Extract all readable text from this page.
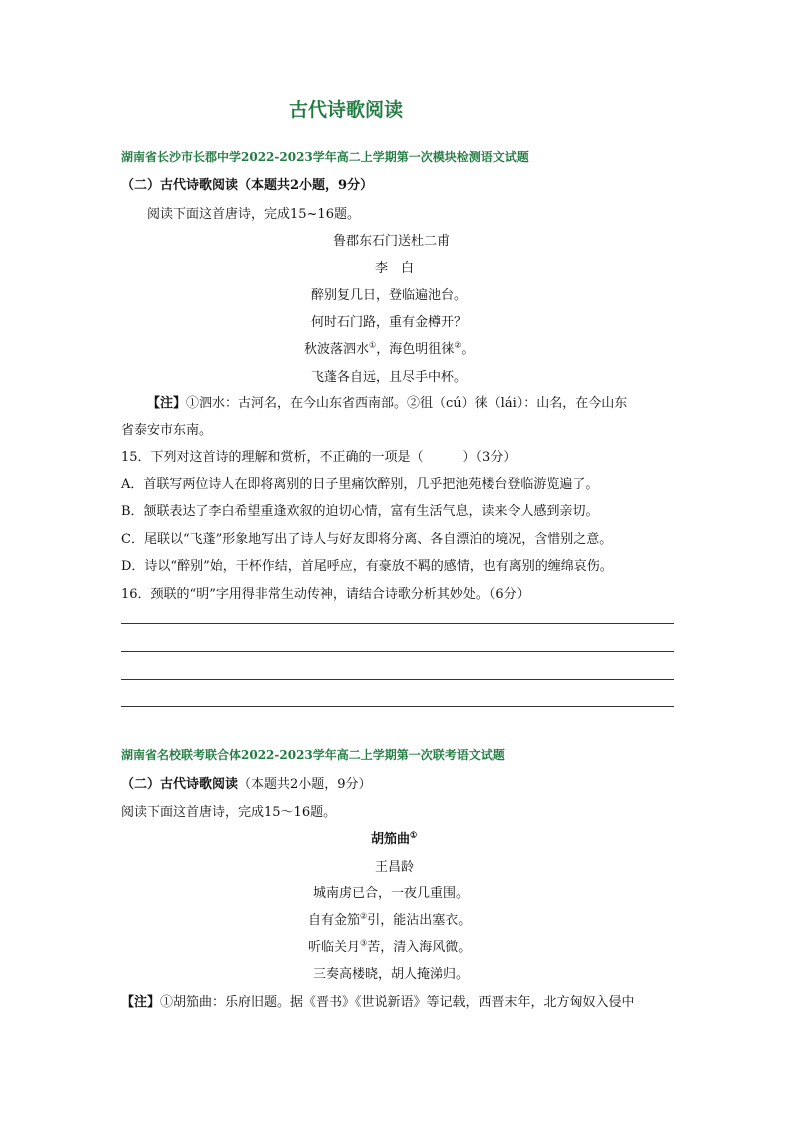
古代诗歌阅读
湖南省长沙市长郡中学2022-2023学年高二上学期第一次模块检测语文试题
（二）古代诗歌阅读（本题共2小题，9分）
阅读下面这首唐诗，完成15~16题。
鲁郡东石门送杜二甫
李　白
醉别复几日，登临遍池台。
何时石门路，重有金樽开？
秋波落泗水①，海色明徂徕②。
飞蓬各自远，且尽手中杯。
【注】①泗水：古河名，在今山东省西南部。②徂（cú）徕（lái）：山名，在今山东
省泰安市东南。
15．下列对这首诗的理解和赏析，不正确的一项是（　　　）（3分）
A．首联写两位诗人在即将离别的日子里痛饮醉别，几乎把池苑楼台登临游览遍了。
B．颔联表达了李白希望重逢欢叙的迫切心情，富有生活气息，读来令人感到亲切。
C．尾联以“飞蓬”形象地写出了诗人与好友即将分离、各自漂泊的境况，含惜别之意。
D．诗以“醉别”始，干杯作结，首尾呼应，有豪放不羁的感情，也有离别的缠绵哀伤。
16．颈联的“明”字用得非常生动传神，请结合诗歌分析其妙处。（6分）
湖南省名校联考联合体2022-2023学年高二上学期第一次联考语文试题
（二）古代诗歌阅读（本题共2小题，9分）
阅读下面这首唐诗，完成15～16题。
胡笳曲①
王昌龄
城南虏已合，一夜几重围。
自有金笳②引，能沾出塞衣。
听临关月③苦，清入海风微。
三奏高楼晓，胡人掩涕归。
【注】①胡笳曲：乐府旧题。据《晋书》《世说新语》等记载，西晋末年，北方匈奴入侵中
